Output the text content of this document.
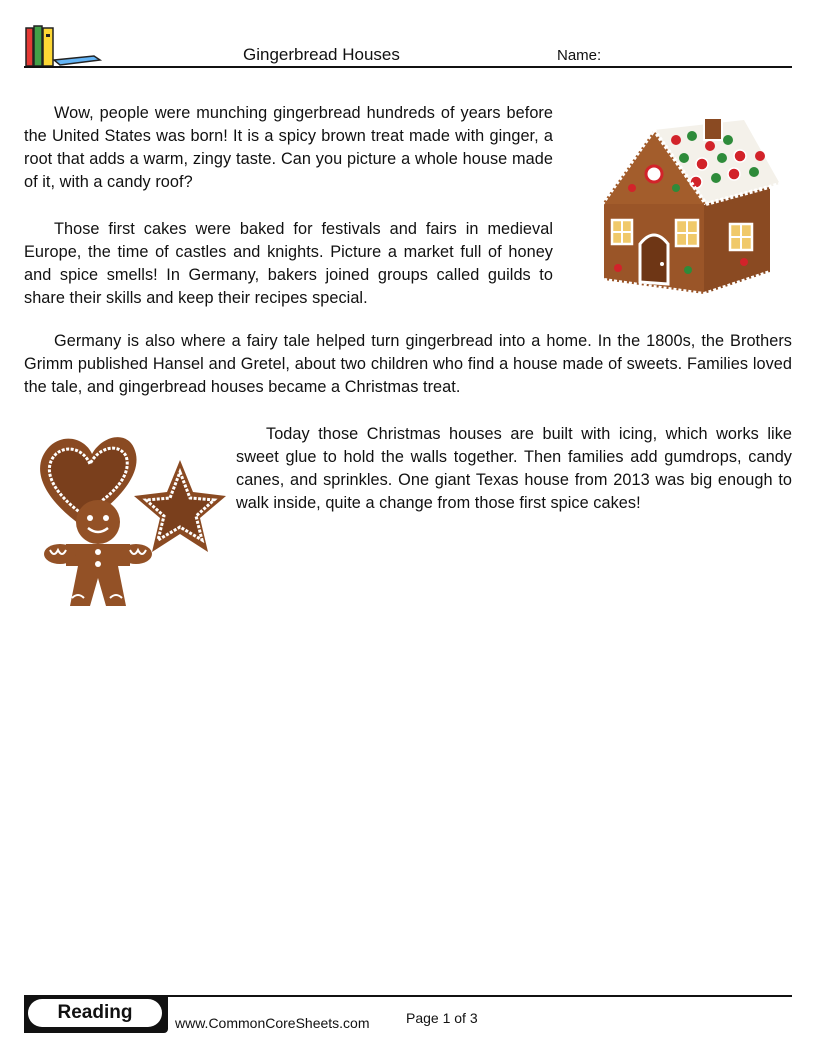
Gingerbread Houses	Name:

Wow, people were munching gingerbread hundreds of years before the United States was born! It is a spicy brown treat made with ginger, a root that adds a warm, zingy taste. Can you picture a whole house made of it, with a candy roof?

Those first cakes were baked for festivals and fairs in medieval Europe, the time of castles and knights. Picture a market full of honey and spice smells! In Germany, bakers joined groups called guilds to share their skills and keep their recipes special.

Germany is also where a fairy tale helped turn gingerbread into a home. In the 1800s, the Brothers Grimm published Hansel and Gretel, about two children who find a house made of sweets. Families loved the tale, and gingerbread houses became a Christmas treat.

Today those Christmas houses are built with icing, which works like sweet glue to hold the walls together. Then families add gumdrops, candy canes, and sprinkles. One giant Texas house from 2013 was big enough to walk inside, quite a change from those first spice cakes!

Reading	www.CommonCoreSheets.com	Page 1 of 3
